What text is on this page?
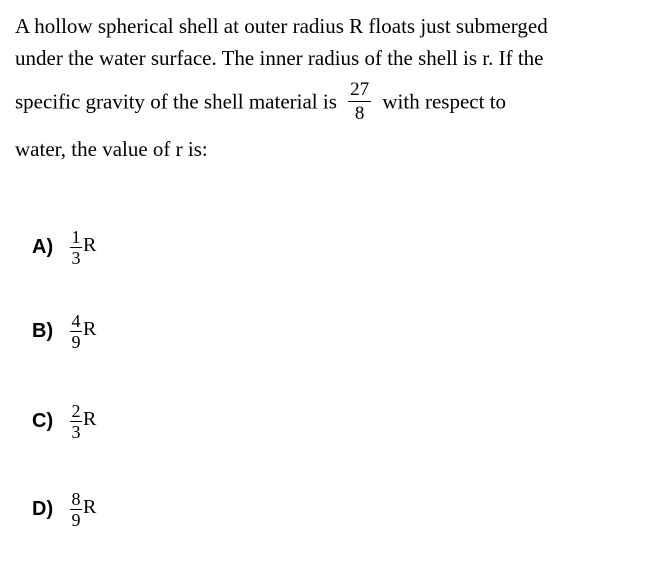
A hollow spherical shell at outer radius R floats just submerged
under the water surface. The inner radius of the shell is r. If the
specific gravity of the shell material is $\frac{27}{8}$ with respect to
water, the value of r is:
$A) \frac{1}{3}$ R
$B) \frac{4}{9}$ R
$C) \frac{2}{3}$ R
$D) \frac{8}{9}$ R
